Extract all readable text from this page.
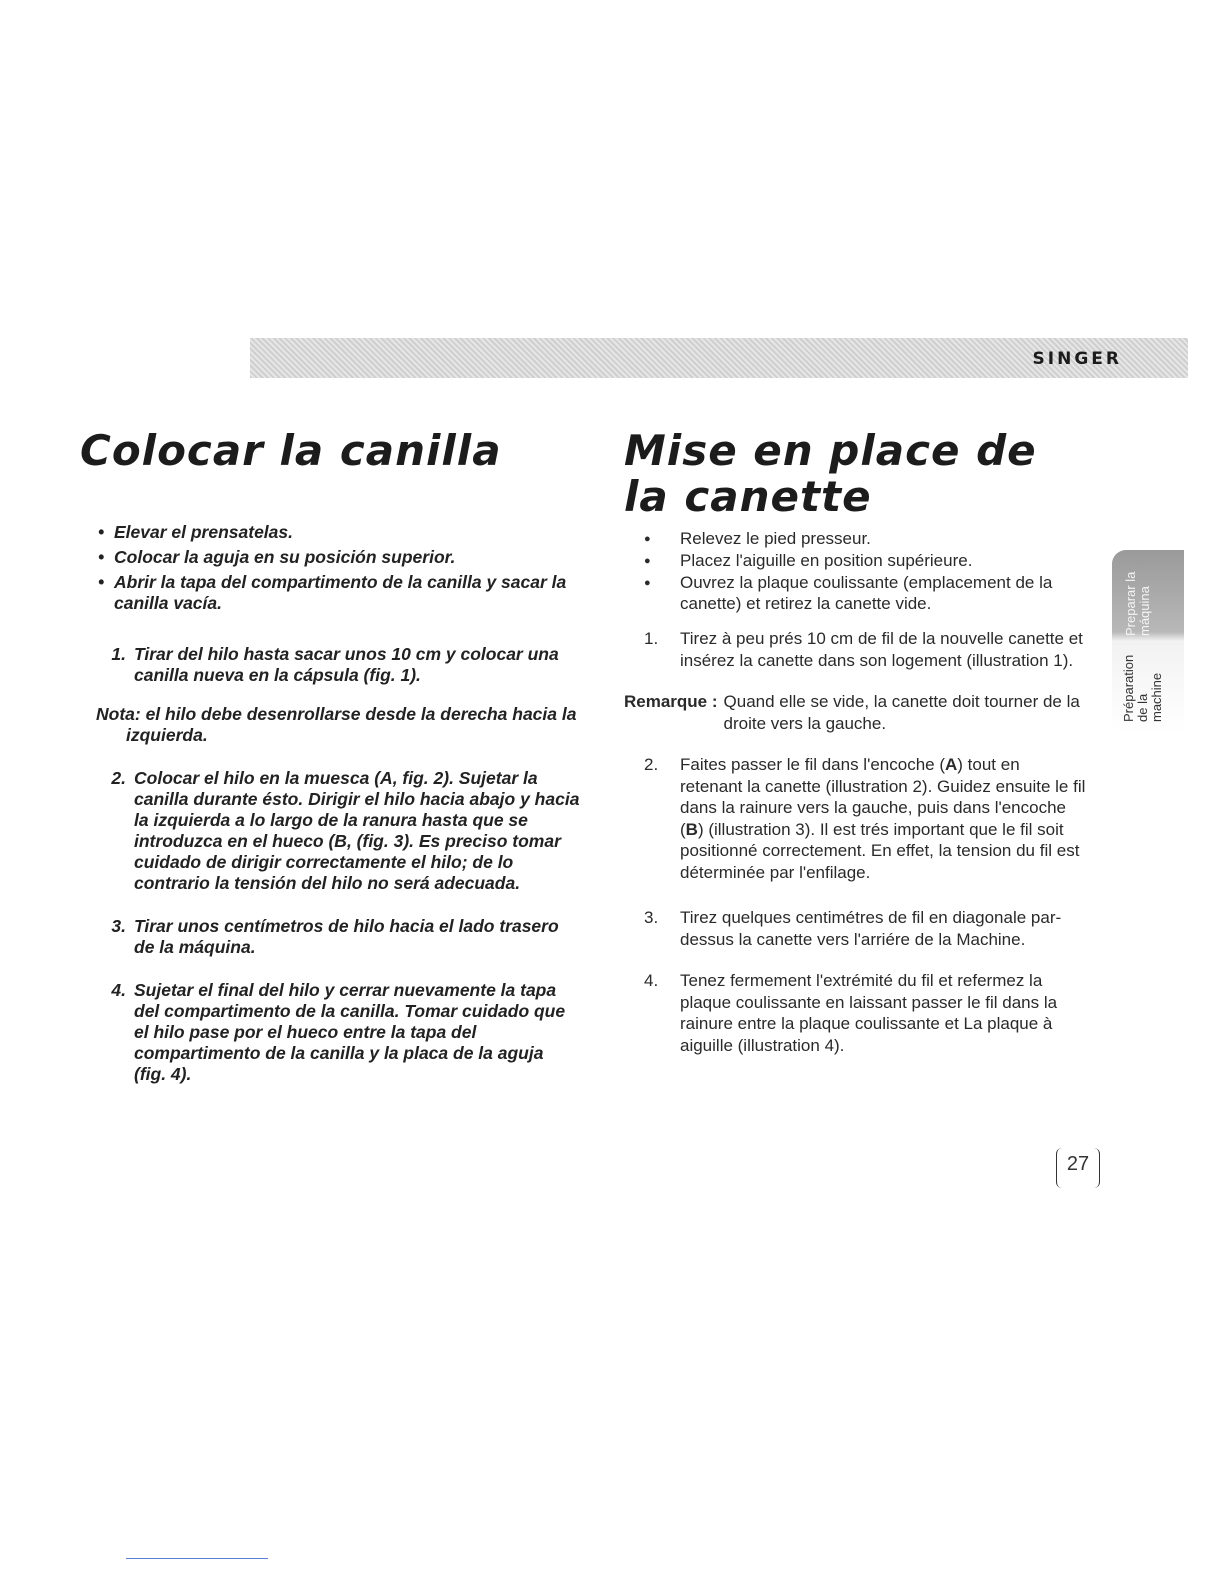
SINGER
Colocar la canilla
• Elevar el prensatelas.
• Colocar la aguja en su posición superior.
• Abrir la tapa del compartimento de la canilla y sacar la canilla vacía.
1. Tirar del hilo hasta sacar unos 10 cm y colocar una canilla nueva en la cápsula (fig. 1).
Nota: el hilo debe desenrollarse desde la derecha hacia la izquierda.
2. Colocar el hilo en la muesca (A, fig. 2). Sujetar la canilla durante ésto. Dirigir el hilo hacia abajo y hacia la izquierda a lo largo de la ranura hasta que se introduzca en el hueco (B, (fig. 3). Es preciso tomar cuidado de dirigir correctamente el hilo; de lo contrario la tensión del hilo no será adecuada.
3. Tirar unos centímetros de hilo hacia el lado trasero de la máquina.
4. Sujetar el final del hilo y cerrar nuevamente la tapa del compartimento de la canilla. Tomar cuidado que el hilo pase por el hueco entre la tapa del compartimento de la canilla y la placa de la aguja (fig. 4).
Mise en place de la canette
● Relevez le pied presseur.
● Placez l'aiguille en position supérieure.
● Ouvrez la plaque coulissante (emplacement de la canette) et retirez la canette vide.
1.	Tirez à peu prés 10 cm de fil de la nouvelle canette et insérez la canette dans son logement (illustration 1).
Remarque : Quand elle se vide, la canette doit tourner de la droite vers la gauche.
2.	Faites passer le fil dans l'encoche (A) tout en retenant la canette (illustration 2). Guidez ensuite le fil dans la rainure vers la gauche, puis dans l'encoche (B) (illustration 3). Il est trés important que le fil soit positionné correctement. En effet, la tension du fil est déterminée par l'enfilage.
3.	Tirez quelques centimétres de fil en diagonale par-dessus la canette vers l'arriére de la Machine.
4.	Tenez fermement l'extrémité du fil et refermez la plaque coulissante en laissant passer le fil dans la rainure entre la plaque coulissante et La plaque à aiguille (illustration 4).
Preparar la
máquina
Préparation
de la
machine
27
